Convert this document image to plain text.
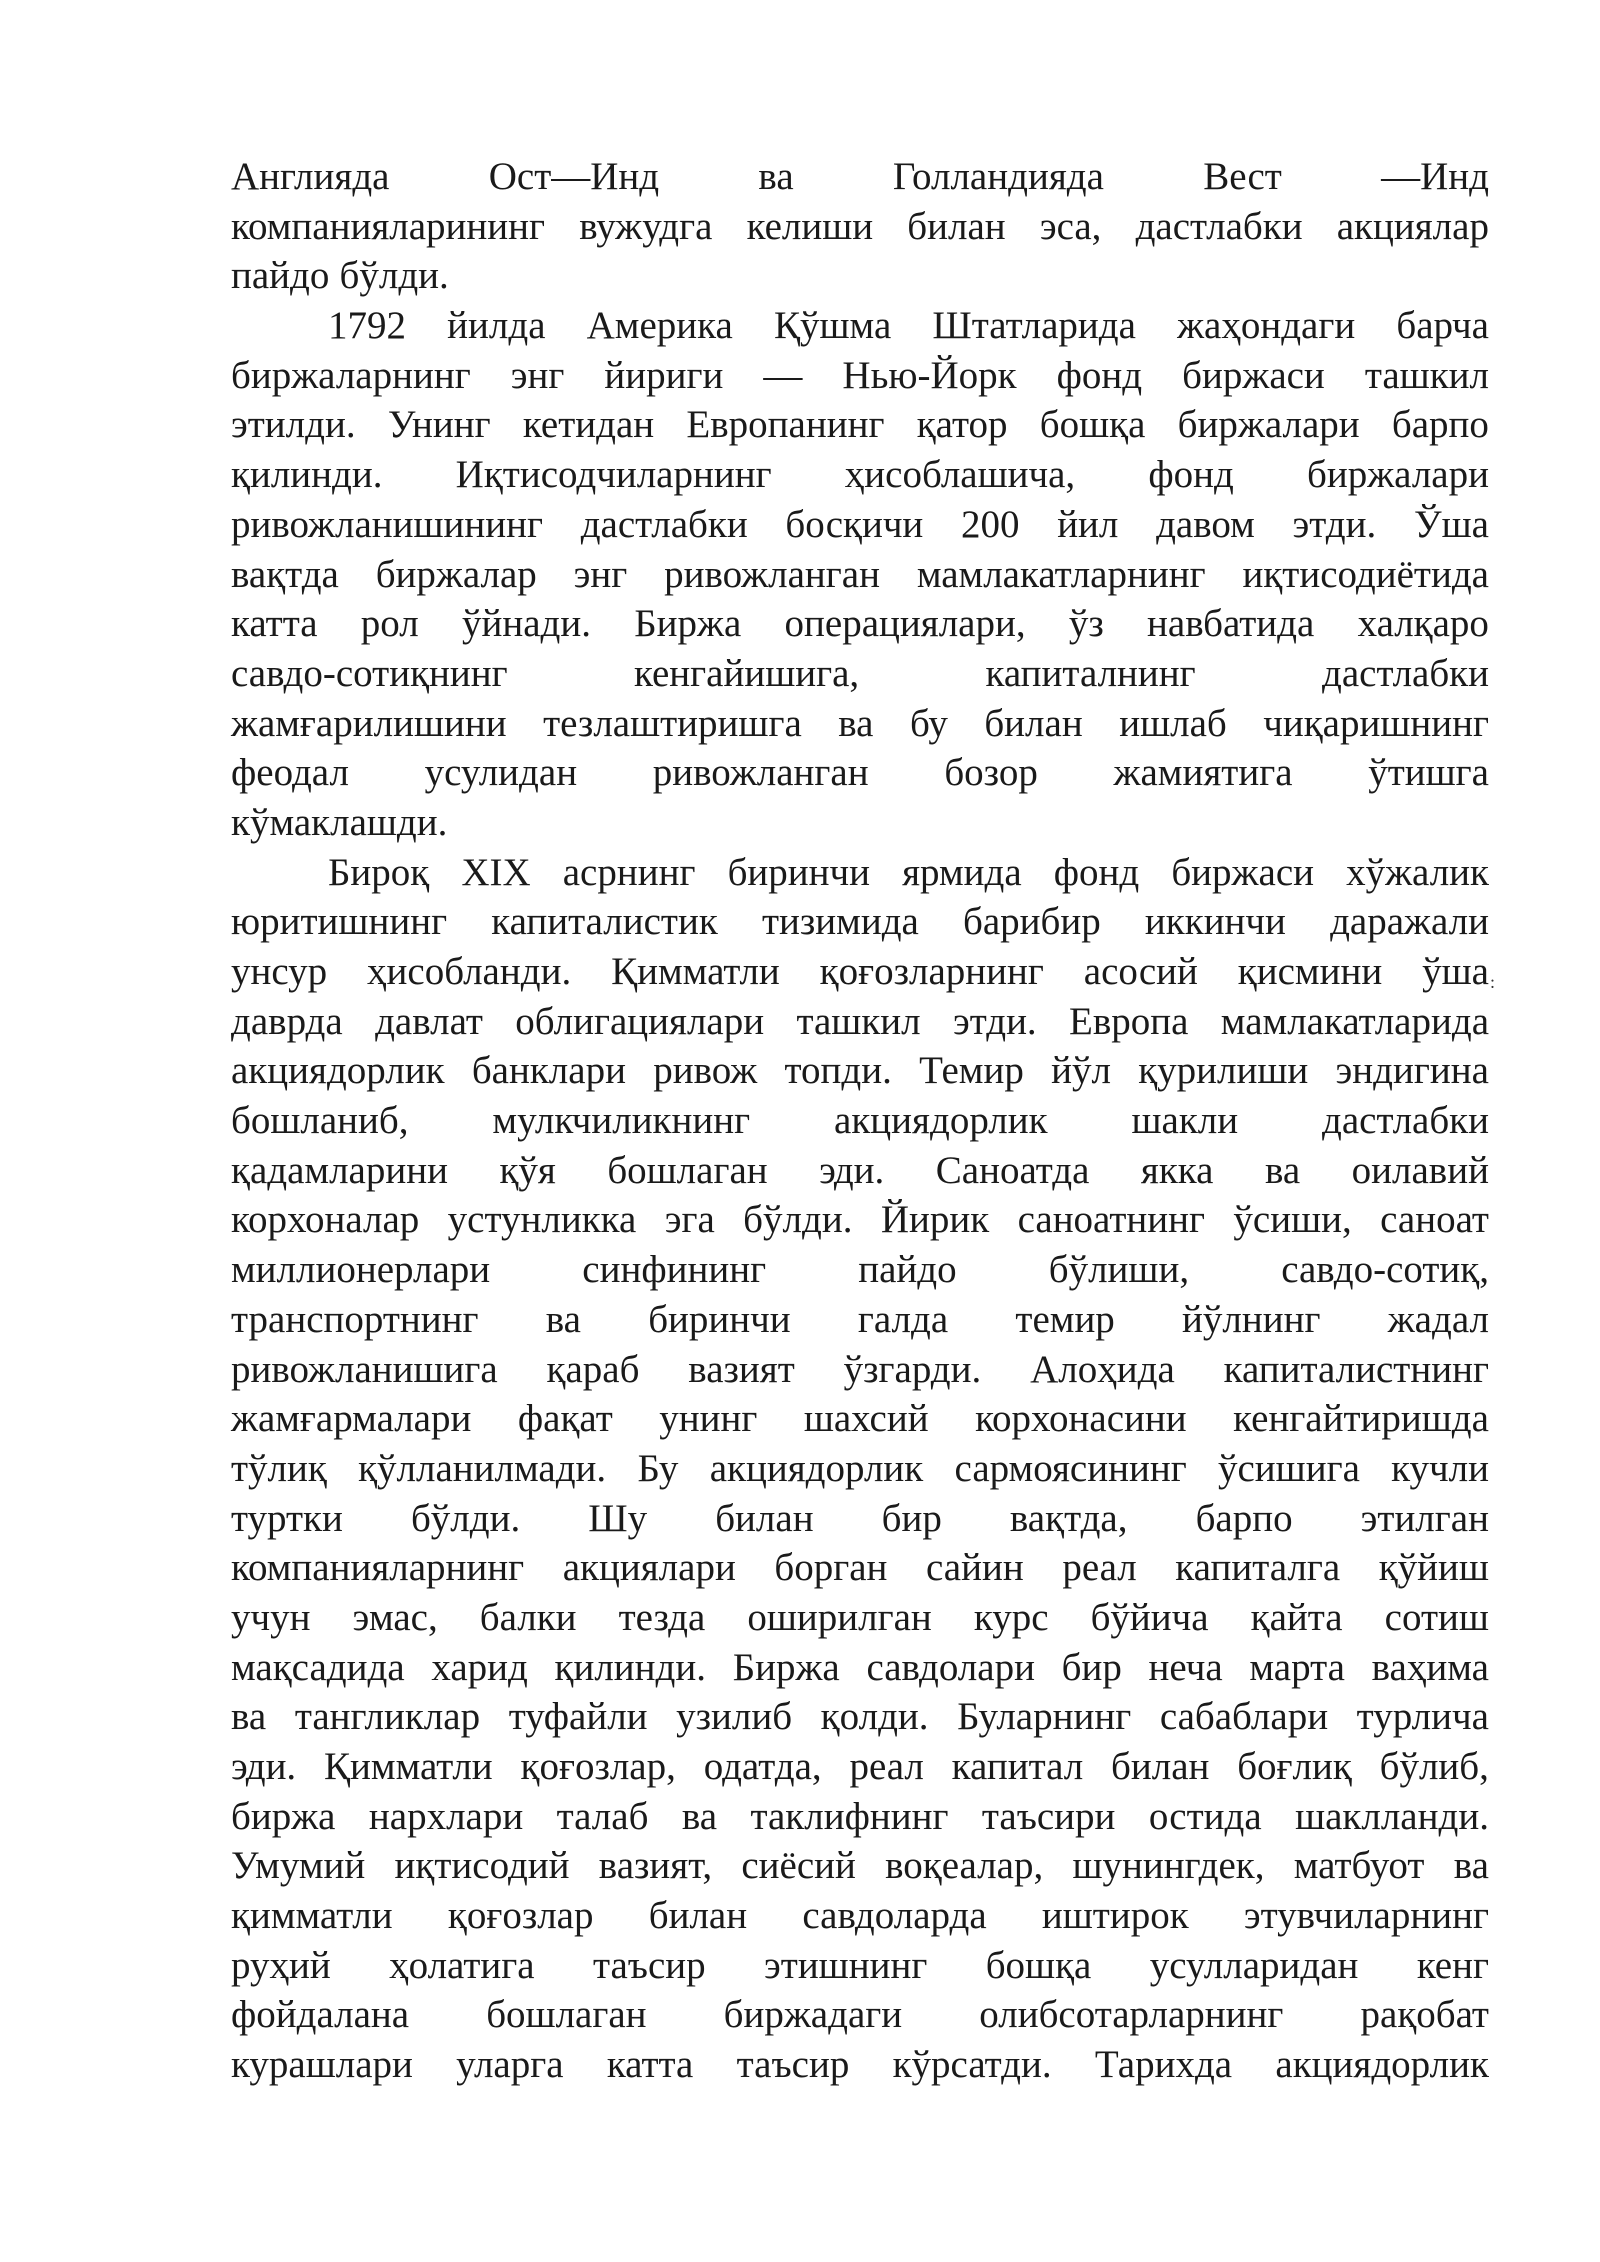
Англияда	Ост—Инд	ва	Голландияда	Вест	—Инд
компанияларининг вужудга келиши билан эса, дастлабки акциялар
пайдо бўлди.
1792 йилда Америка Қўшма Штатларида жаҳондаги барча
биржаларнинг энг йириги — Нью-Йорк фонд биржаси ташкил
этилди. Унинг кетидан Европанинг қатор бошқа биржалари барпо
қилинди. Иқтисодчиларнинг ҳисоблашича, фонд биржалари
ривожланишининг дастлабки босқичи 200 йил давом этди. Ўша
вақтда биржалар энг ривожланган мамлакатларнинг иқтисодиётида
катта рол ўйнади. Биржа операциялари, ўз навбатида халқаро
савдо-сотиқнинг	кенгайишига,	капиталнинг	дастлабки
жамғарилишини тезлаштиришга ва бу билан ишлаб чиқаришнинг
феодал усулидан ривожланган бозор жамиятига ўтишга
кўмаклашди.
Бироқ XIX асрнинг биринчи ярмида фонд биржаси хўжалик
юритишнинг капиталистик тизимида барибир иккинчи даражали
унсур ҳисобланди. Қимматли қоғозларнинг асосий қисмини ўша
даврда давлат облигациялари ташкил этди. Европа мамлакатларида
акциядорлик банклари ривож топди. Темир йўл қурилиши эндигина
бошланиб, мулкчиликнинг акциядорлик шакли дастлабки
қадамларини қўя бошлаган эди. Саноатда якка ва оилавий
корхоналар устунликка эга бўлди. Йирик саноатнинг ўсиши, саноат
миллионерлари синфининг пайдо бўлиши, савдо-сотиқ,
транспортнинг ва биринчи галда темир йўлнинг жадал
ривожланишига қараб вазият ўзгарди. Алоҳида капиталистнинг
жамғармалари фақат унинг шахсий корхонасини кенгайтиришда
тўлиқ қўлланилмади. Бу акциядорлик сармоясининг ўсишига кучли
туртки бўлди. Шу билан бир вақтда, барпо этилган
компанияларнинг акциялари борган сайин реал капиталга қўйиш
учун эмас, балки тезда оширилган курс бўйича қайта сотиш
мақсадида харид қилинди. Биржа савдолари бир неча марта ваҳима
ва тангликлар туфайли узилиб қолди. Буларнинг сабаблари турлича
эди. Қимматли қоғозлар, одатда, реал капитал билан боғлиқ бўлиб,
биржа нархлари талаб ва таклифнинг таъсири остида шаклланди.
Умумий иқтисодий вазият, сиёсий воқеалар, шунингдек, матбуот ва
қимматли қоғозлар билан савдоларда иштирок этувчиларнинг
руҳий ҳолатига таъсир этишнинг бошқа усулларидан кенг
фойдалана бошлаган биржадаги олибсотарларнинг рақобат
курашлари уларга катта таъсир кўрсатди. Тарихда акциядорлик
:
